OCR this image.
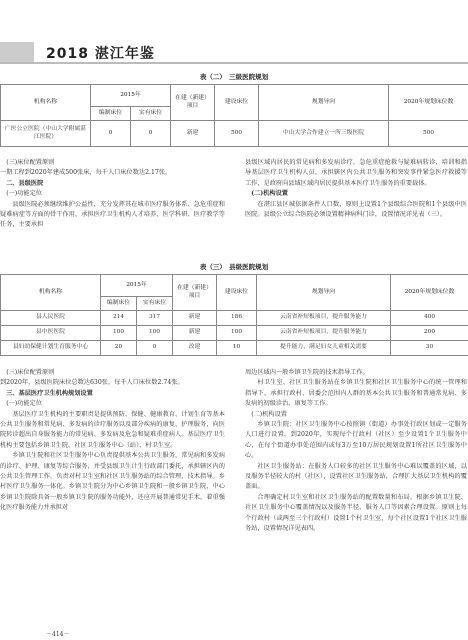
2018 湛江年鉴
表（二）　三级医院规划
机构名称	2015年		在建（新建）项目	建设床位	规划导向	2020年规划床位数
	编制床位	实有床位				
广医公立医院（中山大学附属湛江医院）	0	0	新建	500	中山大学合作建立一所三级医院	500

(三)床位配置原则

一期工程到2020年建成500张床，每千人口床位数达2.17张。

二、县级医院

(一)功能定位

县级医院必须继续维护公益性，充分发挥其在城市医疗服务体系、急危重症和疑难病症等方面的骨干作用，承担医疗卫生机构人才培养、医学科研、医疗教学等任务，主要承担

县级区域内居民的常见病和多发病诊疗、急危重症抢救与疑难病转诊，培训和指导基层医疗卫生机构人员，承担辖区内公共卫生服务和突发事件紧急医疗救援等工作，是政府向县域区域内居民提供基本医疗卫生服务的重要载体。

(二)机构设置

在湛江县区城依据条件人口数，原则上设置1个县级综合医院和1个县级中医医院。县级公立综合医院必须设置精神病科门诊，设置情况详见表（三）。

表（三）　县级医院规划
机构名称	2015年		在建（新建）项目	建设床位	规划导向	2020年规划床位数
	编制床位	实有床位				
县人民医院	214	317	新建	186	云南省补短板项目，提升服务能力	400
县中医医院	100	100	新建	100	云南省补短板项目，提升服务能力	200
县妇幼保健计划生育服务中心	20	0	改建	10	提升能力，满足妇女儿童相关需要	30

(三)床位配置原则

到2020年，县级医院床位总数达630张，每千人口床位数2.74张。

三、基层医疗卫生机构规划设置

(一)功能定位

基层医疗卫生机构的主要职责是提供预防、保健、健康教育、计划生育等基本公共卫生服务和常见病、多发病的诊疗服务以及部分疾病的康复、护理服务，向医院转诊超出自身服务能力的常见病、多发病及危急和疑难重症病人。基层医疗卫生机构主要包括乡镇卫生院、社区卫生服务中心（站）、村卫生室。

乡镇卫生院和社区卫生服务中心负责提供基本公共卫生服务，常见病和多发病的诊疗、护理、康复等综合服务，并受县级卫生计生行政部门委托，承担辖区内的公共卫生管理工作，负责对村卫生室和社区卫生服务站的综合管理、技术指导。乡村医疗卫生服务一体化。乡镇卫生院分为中心乡镇卫生院和一般乡镇卫生院，中心乡镇卫生院除具备一般乡镇卫生院的服务功能外，还应开展普通常见手术，着重强化医疗服务能力并承担对

周边区域内一般乡镇卫生院的技术指导工作。

村卫生室、社区卫生服务站在乡镇卫生院和社区卫生服务中心的统一管理和指导下，承担行政村、居委会范围内人群的基本公共卫生服务和普通常见病、多发病的初级诊治、康复等工作。

(二)机构设置

乡镇卫生院：社区卫生服务中心按照镇（街道）办事处行政区划或一定服务人口进行设置。到2020年，实现每个行政村（社区）至少设置1个卫生服务中心，在每个街道办事处范围内或每3万至10万居民规划设置1所社区卫生服务中心。

社区卫生服务站：在服务人口较多的社区卫生服务中心难以覆盖的区域，以及服务半径较大的村（社区），设置社区卫生服务站，合理扩大基层卫生机构的覆盖面。

合理确定村卫生室和社区卫生服务站的配置数量和布局，根据乡镇卫生院、社区卫生服务中心覆盖情况以及服务半径、服务人口等因素合理设置。原则上每个行政村（或两至三个行政村）设置1个村卫生室，每个社区设置1个社区卫生服务站，设置情况详见表四。

－414－
